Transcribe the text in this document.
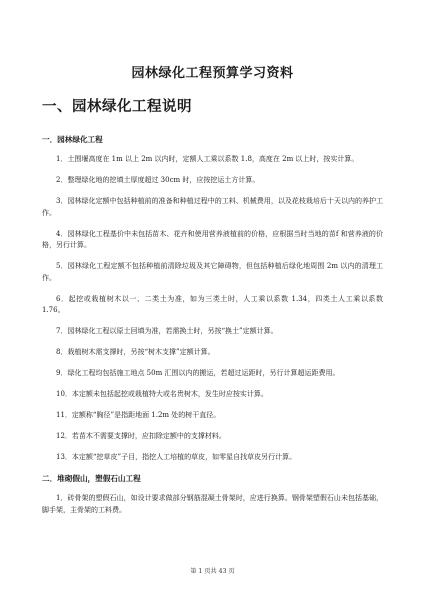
园林绿化工程预算学习资料
一、园林绿化工程说明
一．园林绿化工程

1．土围堰高度在 1m 以上 2m 以内时，定额人工乘以系数 1.8，高度在 2m 以上时，按实计算。

2．整理绿化地的挖填土厚度超过 30cm 时，应按挖运土方计算。

3．园林绿化定额中包括种植前的准备和种植过程中的工料、机械费用，以及花枝栽培后十天以内的养护工作。

4．园林绿化工程基价中未包括苗木、花卉和使用营养液植前的价格，应根据当时当地的苗f 和营养液的价格，另行计算。

5．园林绿化工程定额不包括种植前清除垃圾及其它障碍物，但包括种植后绿化地周围 2m 以内的清理工作。

6．起挖或栽植树木以一、二类土为准，如为三类土时，人工乘以系数 1.34，四类土人工乘以系数 1.76。

7．园林绿化工程以原土回填为准，若需换土时，另按“换土”定额计算。

8．栽植树木需支撑时，另按“树木支撑”定额计算。

9．绿化工程均包括施工地点 50m 汇围以内的搬运，若超过运距时，另行计算超运距费用。

10．本定额未包括起挖或栽植特大或名贵树木，发生时应按实计算。

11．定额称“胸径”是指距地面 1.2m 处的树干直径。

12．若苗木不需要支撑时，应扣除定额中的支撑材料。

13．本定额“挖草皮”子目，指挖人工培植的草皮，如零星自找草皮另行计算。

二．堆砌假山，塑假石山工程

1．砖骨架的塑假石山，如设计要求做部分钢筋混凝土骨架时，应进行换算。钢骨架塑假石山未包括基础，脚手架，主骨架的工料费。

第 1 页共 43 页
